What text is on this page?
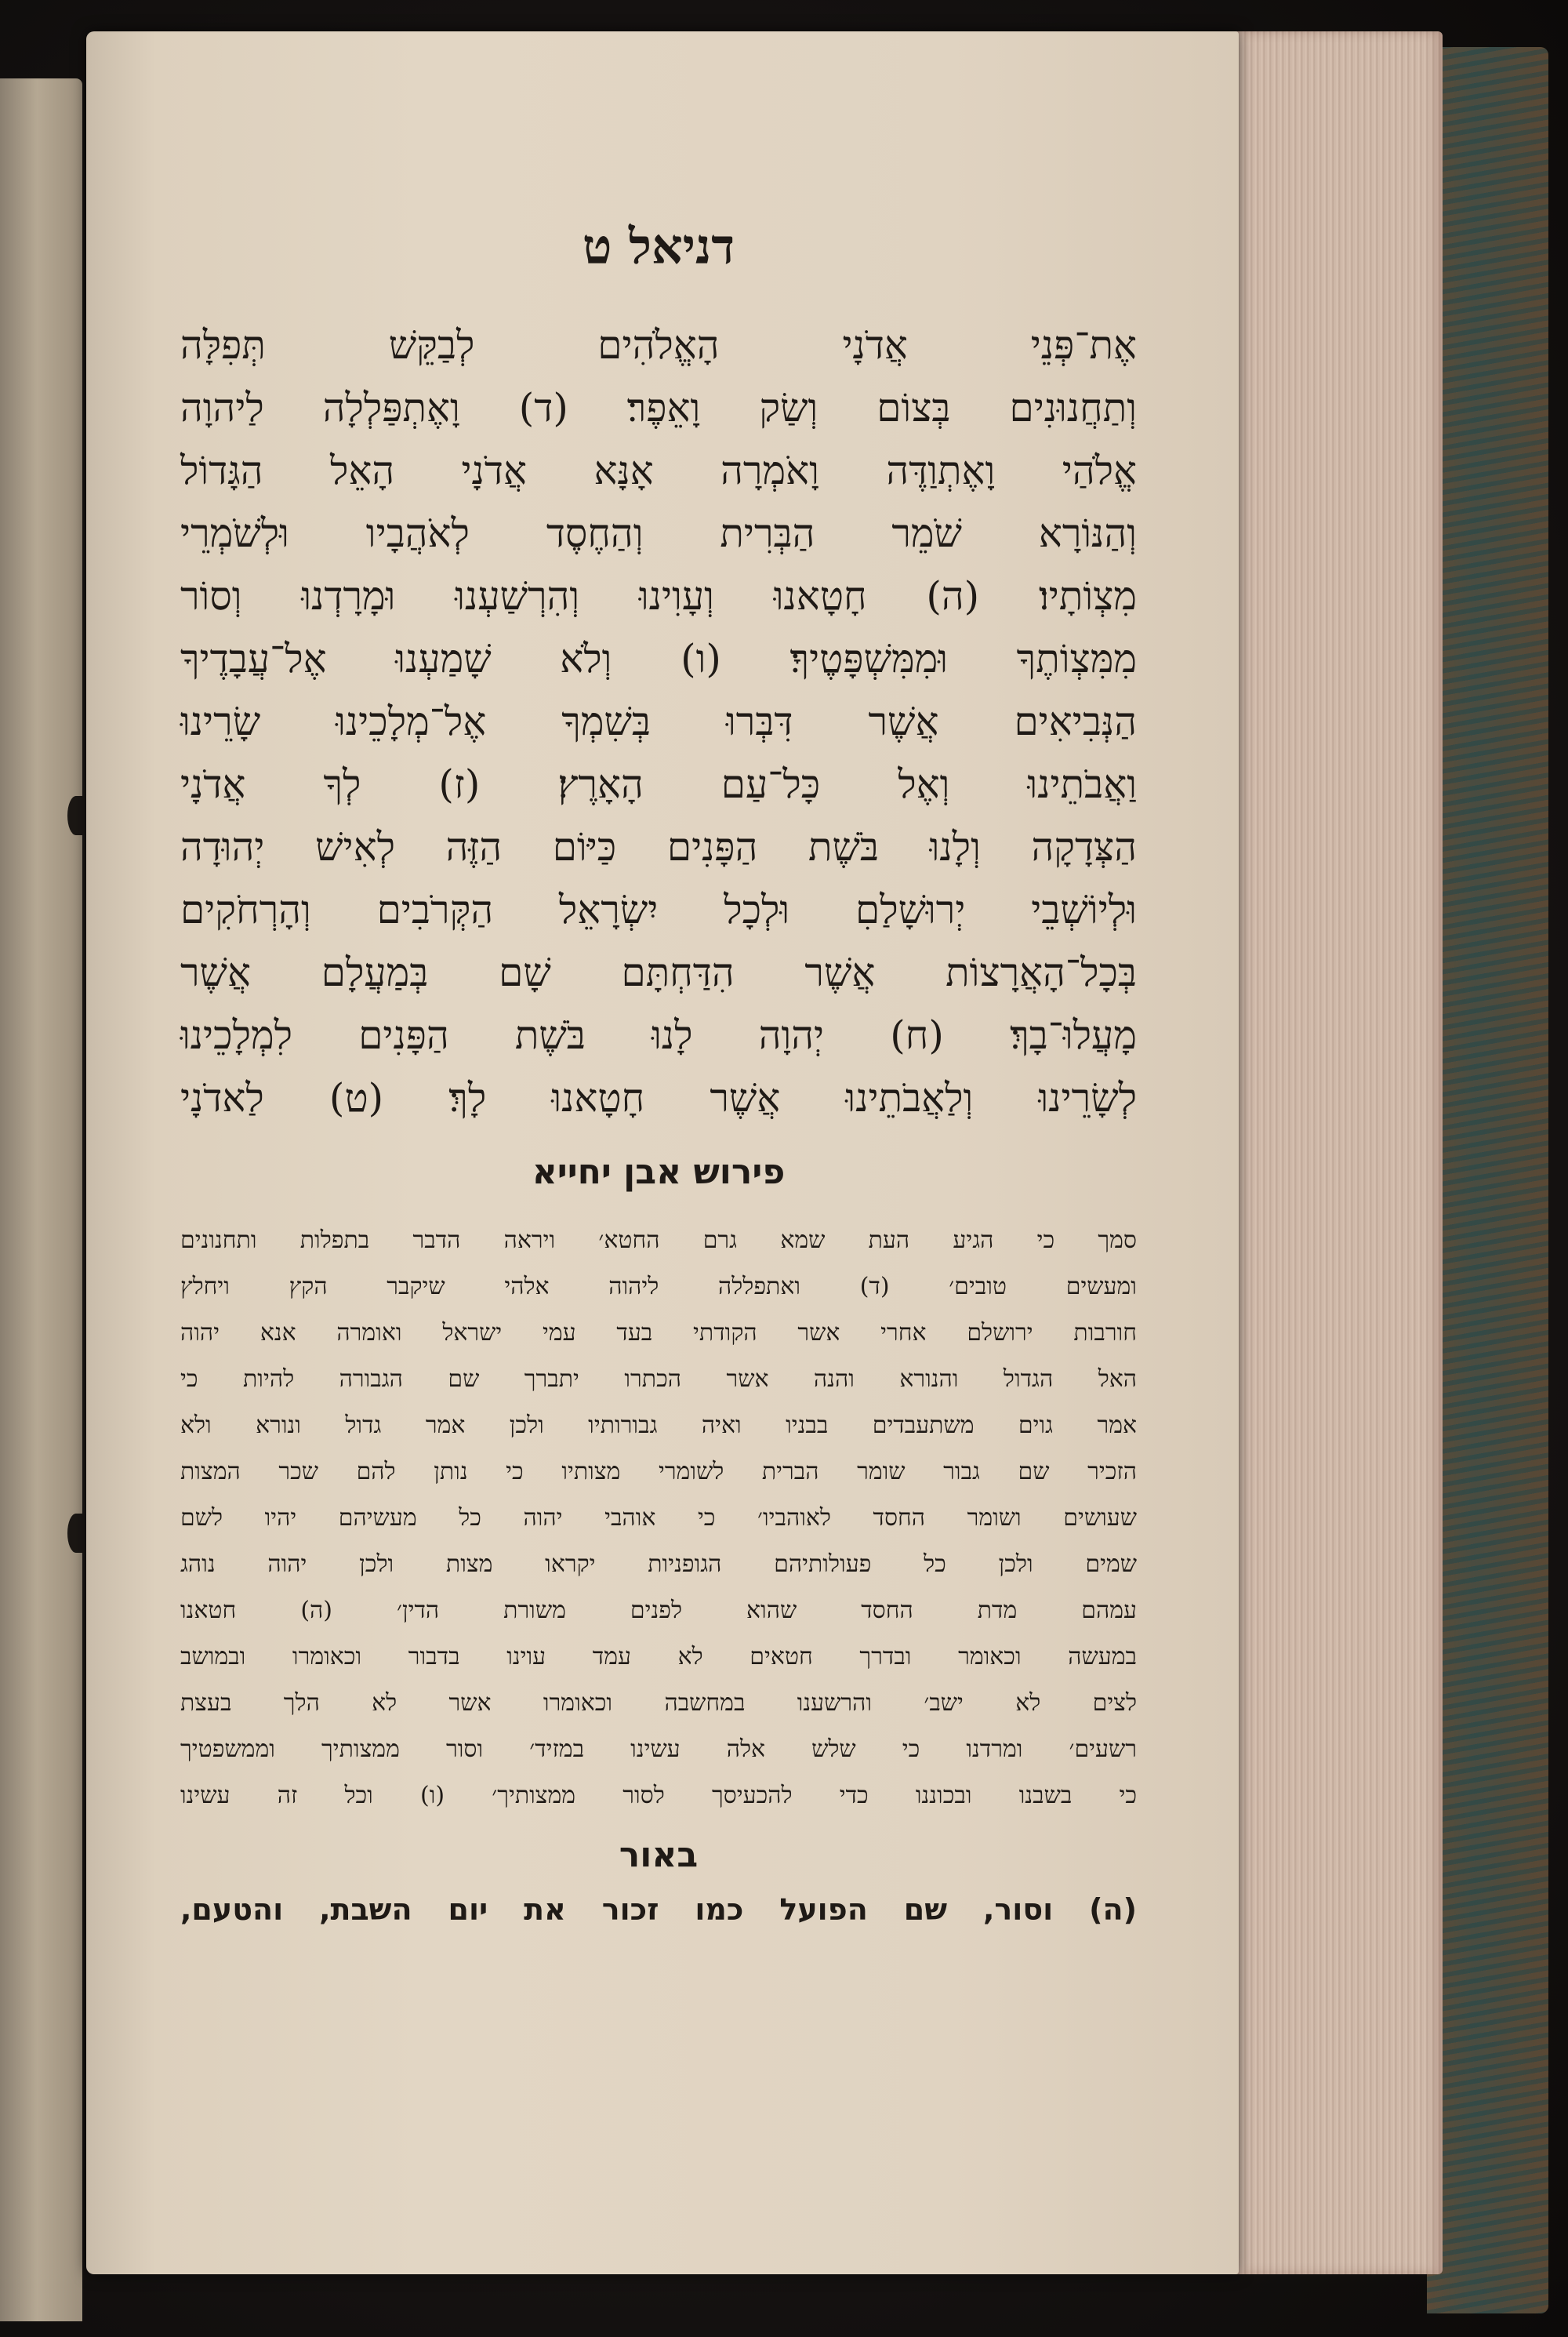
דניאל ט
אֶת־פְּנֵי אֲדֹנָי הָאֱלֹהִים לְבַקֵּשׁ תְּפִלָּה
וְתַחֲנוּנִים בְּצוֹם וְשַׂק וָאֵפֶר׃ (ד) וָאֶתְפַּלְלָה לַיהוָה
אֱלֹהַי וָאֶתְוַדֶּה וָאֹמְרָה אָנָּא אֲדֹנָי הָאֵל הַגָּדוֹל
וְהַנּוֹרָא שֹׁמֵר הַבְּרִית וְהַחֶסֶד לְאֹהֲבָיו וּלְשֹׁמְרֵי
מִצְוֹתָיו׃ (ה) חָטָאנוּ וְעָוִינוּ וְהִרְשַׁעְנוּ וּמָרָדְנוּ וְסוֹר
מִמִּצְוֹתֶךָ וּמִמִּשְׁפָּטֶיךָ׃ (ו) וְלֹא שָׁמַעְנוּ אֶל־עֲבָדֶיךָ
הַנְּבִיאִים אֲשֶׁר דִּבְּרוּ בְּשִׁמְךָ אֶל־מְלָכֵינוּ שָׂרֵינוּ
וַאֲבֹתֵינוּ וְאֶל כָּל־עַם הָאָרֶץ׃ (ז) לְךָ אֲדֹנָי
הַצְּדָקָה וְלָנוּ בֹּשֶׁת הַפָּנִים כַּיּוֹם הַזֶּה לְאִישׁ יְהוּדָה
וּלְיוֹשְׁבֵי יְרוּשָׁלַםִ וּלְכָל יִשְׂרָאֵל הַקְּרֹבִים וְהָרְחֹקִים
בְּכָל־הָאֲרָצוֹת אֲשֶׁר הִדַּחְתָּם שָׁם בְּמַעֲלָם אֲשֶׁר
מָעֲלוּ־בָךְ׃ (ח) יְהוָה לָנוּ בֹּשֶׁת הַפָּנִים לִמְלָכֵינוּ
לְשָׂרֵינוּ וְלַאֲבֹתֵינוּ אֲשֶׁר חָטָאנוּ לָךְ׃ (ט) לַאדֹנָי
פירוש אבן יחייא
סמך כי הגיע העת שמא גרם החטא׳ ויראה הדבר בתפלות ותחנונים
ומעשים טובים׳ (ד) ואתפללה ליהוה אלהי שיקבר הקץ ויחלץ
חורבות ירושלם אחרי אשר הקודתי בעד עמי ישראל ואומרה אנא יהוה
האל הגדול והנורא והנה אשר הכתרו יתברך שם הגבורה להיות כי
אמר גוים משתעבדים בבניו ואיה גבורותיו ולכן אמר גדול ונורא ולא
הזכיר שם גבור שומר הברית לשומרי מצותיו כי נותן להם שכר המצות
שעושים ושומר החסד לאוהביו׳ כי אוהבי יהוה כל מעשיהם יהיו לשם
שמים ולכן כל פעולותיהם הגופניות יקראו מצות ולכן יהוה נוהג
עמהם מדת החסד שהוא לפנים משורת הדין׳ (ה) חטאנו
במעשה וכאומר ובדרך חטאים לא עמד עוינו בדבור וכאומרו ובמושב
לצים לא ישב׳ והרשענו במחשבה וכאומרו אשר לא הלך בעצת
רשעים׳ ומרדנו כי שלש אלה עשינו במזיד׳ וסור ממצותיך וממשפטיך
כי בשבנו ובכוננו כדי להכעיסך לסור ממצותיך׳ (ו) וכל זה עשינו
באור
(ה) וסור, שם הפועל כמו זכור את יום השבת, והטעם,
